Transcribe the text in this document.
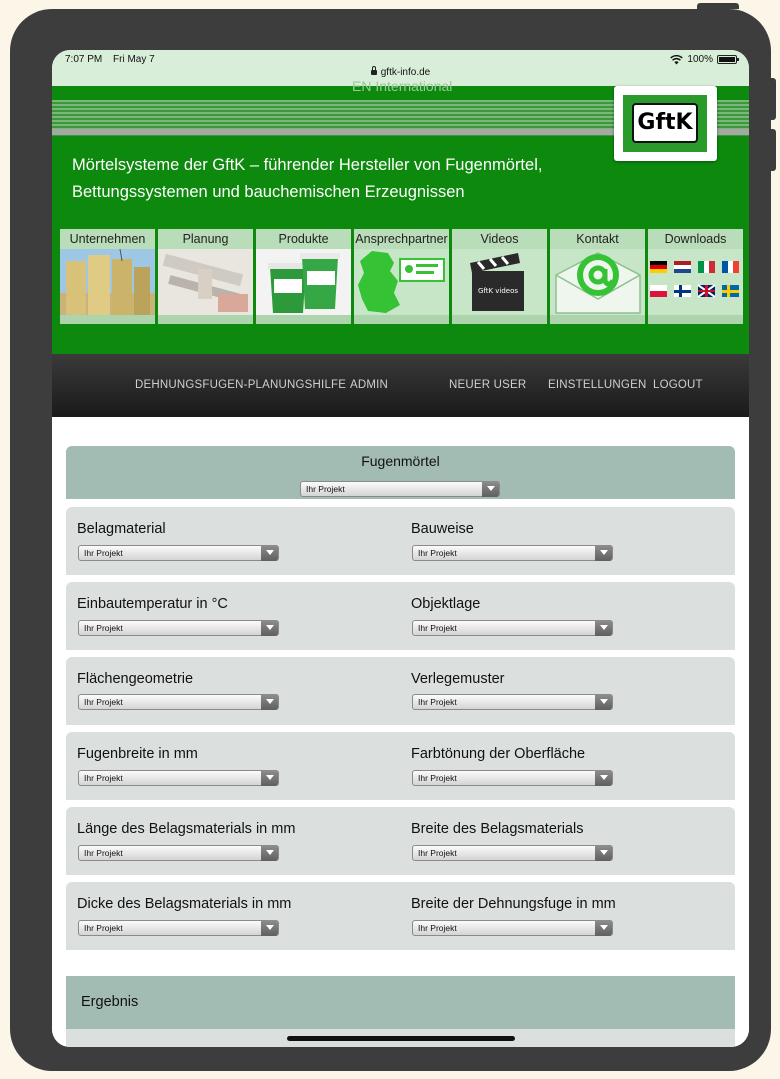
7:07 PM Fri May 7
gftk-info.de
100%
EN International
GftK
Mörtelsysteme der GftK – führender Hersteller von Fugenmörtel, Bettungssystemen und bauchemischen Erzeugnissen
Unternehmen	Planung	Produkte	Ansprechpartner	Videos
GftK videos
Kontakt	Downloads
DEHNUNGSFUGEN-PLANUNGSHILFE ADMIN	NEUER USER EINSTELLUNGEN LOGOUT
Fugenmörtel
Ihr Projekt
Belagmaterial
Ihr Projekt
Bauweise
Ihr Projekt
Einbautemperatur in °C
Ihr Projekt
Objektlage
Ihr Projekt
Flächengeometrie
Ihr Projekt
Verlegemuster
Ihr Projekt
Fugenbreite in mm
Ihr Projekt
Farbtönung der Oberfläche
Ihr Projekt
Länge des Belagsmaterials in mm
Ihr Projekt
Breite des Belagsmaterials
Ihr Projekt
Dicke des Belagsmaterials in mm
Ihr Projekt
Breite der Dehnungsfuge in mm
Ihr Projekt
Ergebnis
